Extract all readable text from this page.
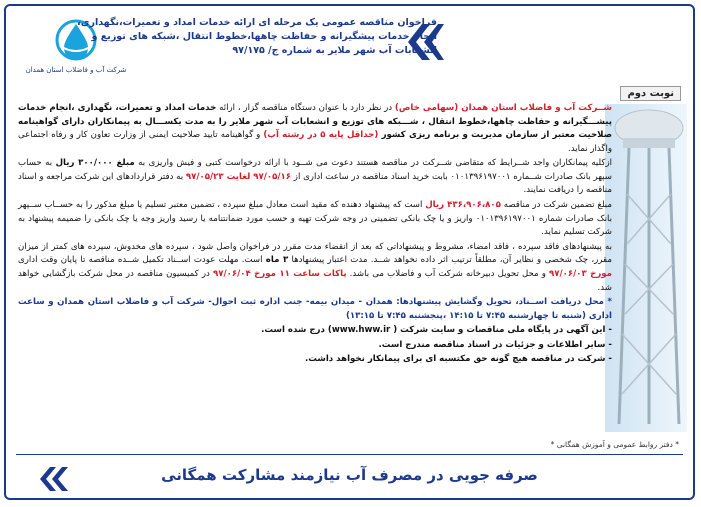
شرکت آب و فاضلاب استان همدان
فراخوان مناقصه عمومی یک مرحله ای ارائه خدمات امداد و تعمیرات،نگهداری،
انجام خدمات پیشگیرانه و حفاظت چاهها،خطوط انتقال ،شبکه های توزیع و
انشعابات آب شهر ملایر به شماره ج/ ۹۷/۱۷۵
نوبت دوم

شــرکت آب و فاضلاب استان همدان (سهامی خاص) در نظر دارد با عنوان دستگاه مناقصه گزار ، ارائه خدمات امداد و تعمیرات، نگهداری ،انجام خدمات پیشـــگیرانه و حفاظت چاهها،خطوط انتقال ، شـــبکه های توزیع و انشعابات آب شهر ملایر را به مدت یکســـال به پیمانکاران دارای گواهینامه صلاحیت معتبر از سازمان مدیریت و برنامه ریزی کشور (حداقل پایه ۵ در رشته آب) و گواهینامه تایید صلاحیت ایمنی از وزارت تعاون کار و رفاه اجتماعی واگذار نماید.

ازکلیه پیمانکاران واجد شــرایط که متقاضی شــرکت در مناقصه هستند دعوت می شــود با ارائه درخواست کتبی و فیش واریزی به مبلغ ۳۰۰/۰۰۰ ریال به حساب سپهر بانک صادرات شــماره ۰۱۰۱۳۹۶۱۹۷۰۰۱ بابت خرید اسناد مناقصه در ساعت اداری از ۹۷/۰۵/۱۶ لغایت ۹۷/۰۵/۲۳ به دفتر قراردادهای این شرکت مراجعه و اسناد مناقصه را دریافت نمایند.

مبلغ تضمین شرکت در مناقصه ۴۳۶،۹۰۶،۸۰۵ ریال است که پیشنهاد دهنده که مقید است معادل مبلغ سپرده ، تضمین معتبر تسلیم یا مبلغ مذکور را به حســاب ســپهر بانک صادرات شماره ۰۱۰۱۳۹۶۱۹۷۰۰۱ واریز و یا چک بانکی تضمینی در وجه شرکت تهیه و حسب مورد ضمانتنامه یا رسید واریز وجه یا چک بانکی را ضمیمه پیشنهاد به شرکت تسلیم نماید.

به پیشنهادهای فاقد سپرده ، فاقد امضاء، مشروط و پیشنهاداتی که بعد از انقضاء مدت مقرر در فراخوان واصل شود ، سپرده های مخدوش، سپرده های کمتر از میزان مقرر، چک شخصی و نظایر آن، مطلقاً ترتیب اثر داده نخواهد شــد. مدت اعتبار پیشنهادها ۳ ماه است. مهلت عودت اســناد تکمیل شــده مناقصه تا پایان وقت اداری مورخ ۹۷/۰۶/۰۳ و محل تحویل دبیرخانه شرکت آب و فاضلاب می باشد. پاکات ساعت ۱۱ مورخ ۹۷/۰۶/۰۴ در کمیسیون مناقصه در محل شرکت بازگشایی خواهد شد.

* محل دریافت اســناد، تحویل وگشایش پیشنهادها: همدان - میدان بیمه- جنب اداره ثبت احوال- شرکت آب و فاضلاب استان همدان و ساعت اداری (شنبه تا چهارشنبه ۷:۴۵ تا ۱۴:۱۵ ،پنجشنبه ۷:۴۵ تا ۱۳:۱۵)

- این آگهی در پایگاه ملی مناقصات و سایت شرکت ( www.hww.ir) درج شده است.

- سایر اطلاعات و جزئیات در اسناد مناقصه مندرج است.

- شرکت در مناقصه هیچ گونه حق مکتسبه ای برای پیمانکار نخواهد داشت.

* دفتر روابط عمومی و آموزش همگانی *
صرفه جویی در مصرف آب نیازمند مشارکت همگانی
